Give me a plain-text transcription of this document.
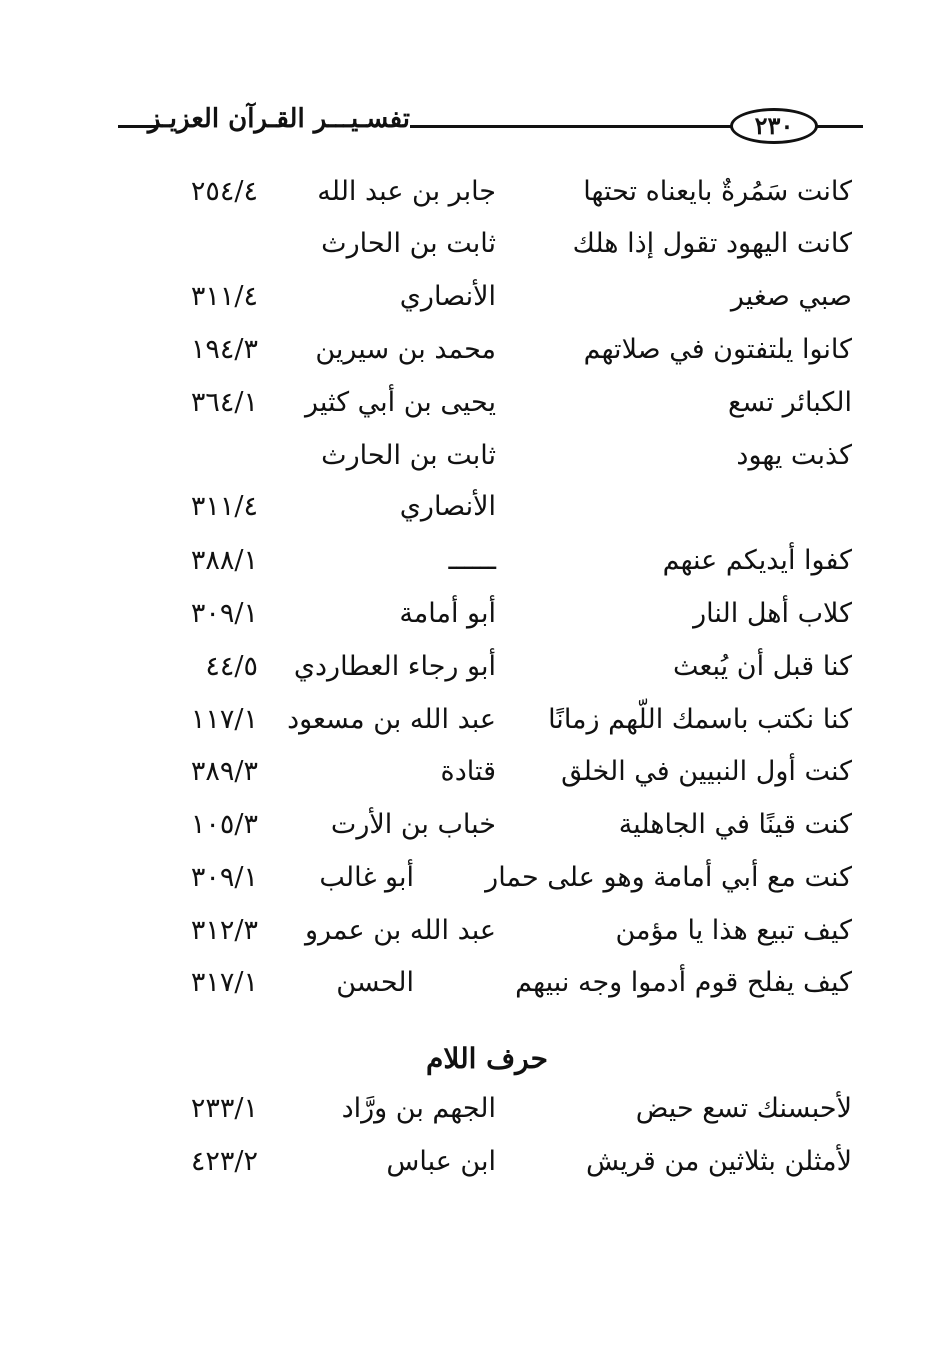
تفسـيـــر القـرآن العزيـز	٢٣٠
كانت سَمُرةٌ بايعناه تحتها
جابر بن عبد الله
٢٥٤/٤
كانت اليهود تقول إذا هلك
ثابت بن الحارث
صبي صغير
الأنصاري
٣١١/٤
كانوا يلتفتون في صلاتهم
محمد بن سيرين
١٩٤/٣
الكبائر تسع
يحيى بن أبي كثير
٣٦٤/١
كذبت يهود
ثابت بن الحارث
الأنصاري
٣١١/٤
كفوا أيديكم عنهم
ــــــ
٣٨٨/١
كلاب أهل النار
أبو أمامة
٣٠٩/١
كنا قبل أن يُبعث
أبو رجاء العطاردي
٤٤/٥
كنا نكتب باسمك اللّهم زمانًا
عبد الله بن مسعود
١١٧/١
كنت أول النبيين في الخلق
قتادة
٣٨٩/٣
كنت قينًا في الجاهلية
خباب بن الأرت
١٠٥/٣
كنت مع أبي أمامة وهو على حمار
أبو غالب
٣٠٩/١
كيف تبيع هذا يا مؤمن
عبد الله بن عمرو
٣١٢/٣
كيف يفلح قوم أدموا وجه نبيهم
الحسن
٣١٧/١
حرف اللام
لأحبسنك تسع حيض
الجهم بن ورَّاد
٢٣٣/١
لأمثلن بثلاثين من قريش
ابن عباس
٤٢٣/٢
